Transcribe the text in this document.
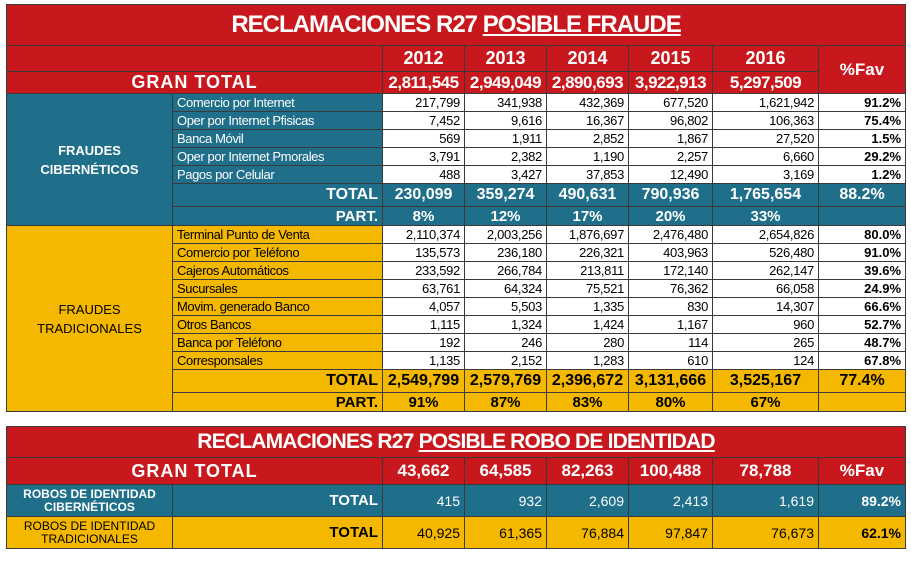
RECLAMACIONES R27 POSIBLE FRAUDE							
		2012	2013	2014	2015	2016	%Fav
GRAN TOTAL		2,811,545	2,949,049	2,890,693	3,922,913	5,297,509	
FRAUDES CIBERNÉTICOS	Comercio por Internet	217,799	341,938	432,369	677,520	1,621,942	91.2%
	Oper por Internet Pfisicas	7,452	9,616	16,367	96,802	106,363	75.4%
	Banca Móvil	569	1,911	2,852	1,867	27,520	1.5%
	Oper por Internet Pmorales	3,791	2,382	1,190	2,257	6,660	29.2%
	Pagos por Celular	488	3,427	37,853	12,490	3,169	1.2%
	TOTAL	230,099	359,274	490,631	790,936	1,765,654	88.2%
	PART.	8%	12%	17%	20%	33%	
FRAUDES TRADICIONALES	Terminal Punto de Venta	2,110,374	2,003,256	1,876,697	2,476,480	2,654,826	80.0%
	Comercio por Teléfono	135,573	236,180	226,321	403,963	526,480	91.0%
	Cajeros Automáticos	233,592	266,784	213,811	172,140	262,147	39.6%
	Sucursales	63,761	64,324	75,521	76,362	66,058	24.9%
	Movim. generado Banco	4,057	5,503	1,335	830	14,307	66.6%
	Otros Bancos	1,115	1,324	1,424	1,167	960	52.7%
	Banca por Teléfono	192	246	280	114	265	48.7%
	Corresponsales	1,135	2,152	1,283	610	124	67.8%
	TOTAL	2,549,799	2,579,769	2,396,672	3,131,666	3,525,167	77.4%
	PART.	91%	87%	83%	80%	67%	

RECLAMACIONES R27 POSIBLE ROBO DE IDENTIDAD							
GRAN TOTAL		43,662	64,585	82,263	100,488	78,788	%Fav
ROBOS DE IDENTIDAD CIBERNÉTICOS	TOTAL	415	932	2,609	2,413	1,619	89.2%
ROBOS DE IDENTIDAD TRADICIONALES	TOTAL	40,925	61,365	76,884	97,847	76,673	62.1%
